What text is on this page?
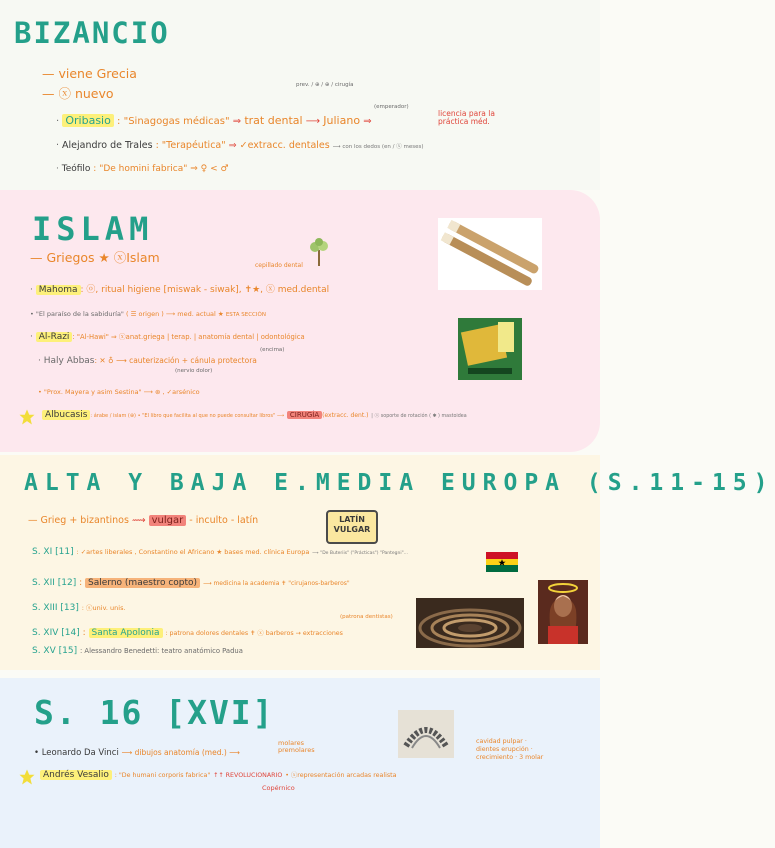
BIZANCIO
— viene Grecia
— ⓧ nuevo
prev. / ⊕ / ⊕ / cirugía
(emperador)
· Oribasio : "Sinagogas médicas" ⇒ trat dental ⟶ Juliano ⇒
licencia para la práctica méd.
· Alejandro de Trales : "Terapéutica" ⇒ ✓extracc. dentales ⟶ con los dedos (en / ⓧ meses)
· Teófilo : "De homini fabrica" ⇒ ♀ < ♂
ISLAM
— Griegos ★ ⓧIslam
cepillado dental
· Mahoma : ⓞ, ritual higiene [miswak - siwak], ✝★, ⓧ med.dental
• "El paraíso de la sabiduría" ( ☰ origen ) ⟶ med. actual ★ ESTA SECCIÓN
· Al-Razi : "Al-Hawi" ⇒ ⓧanat.griega | terap. | anatomía dental | odontológica
(nervio dolor)
(encima)
· Haly Abbas: ✕ ♁ ⟶ cauterización + cánula protectora
• "Prox. Mayera y asim Sestina" ⟶ ⊛ , ✓arsénico
Albucasis : árabe / islam (⊕) • "El libro que facilita al que no puede consultar libros" ⟶ CIRUGÍA (extracc. dent.) | ⓢ soporte de rotación ( ✱ ) mastoidea
ALTA Y BAJA E.MEDIA EUROPA (S.11-15)
— Grieg + bizantinos ⟿ vulgar - inculto - latín	LATÍN VULGAR
S. XI [11] : ✓artes liberales , Constantino el Africano ★ bases med. clínica Europa ⟶ "De Buteriis" ("Prácticas") "Pantegni"...
S. XII [12] : Salerno (maestro copto) ⟶ medicina la academia ✝ "cirujanos-barberos"
S. XIII [13] : ⓢuniv. unis.
(patrona dentistas)
S. XIV [14] : Santa Apolonia : patrona dolores dentales ✝ ⓧ barberos → extracciones
S. XV [15] : Alessandro Benedetti: teatro anatómico Padua
S. 16 [XVI]
• Leonardo Da Vinci ⟶ dibujos anatomía (med.) ⟶
molares premolares
Andrés Vesalio : "De humani corporis fabrica" ↑↑ REVOLUCIONARIO • ⓧrepresentación arcadas realista
Copérnico
cavidad pulpar · dientes erupción · crecimiento · 3 molar
